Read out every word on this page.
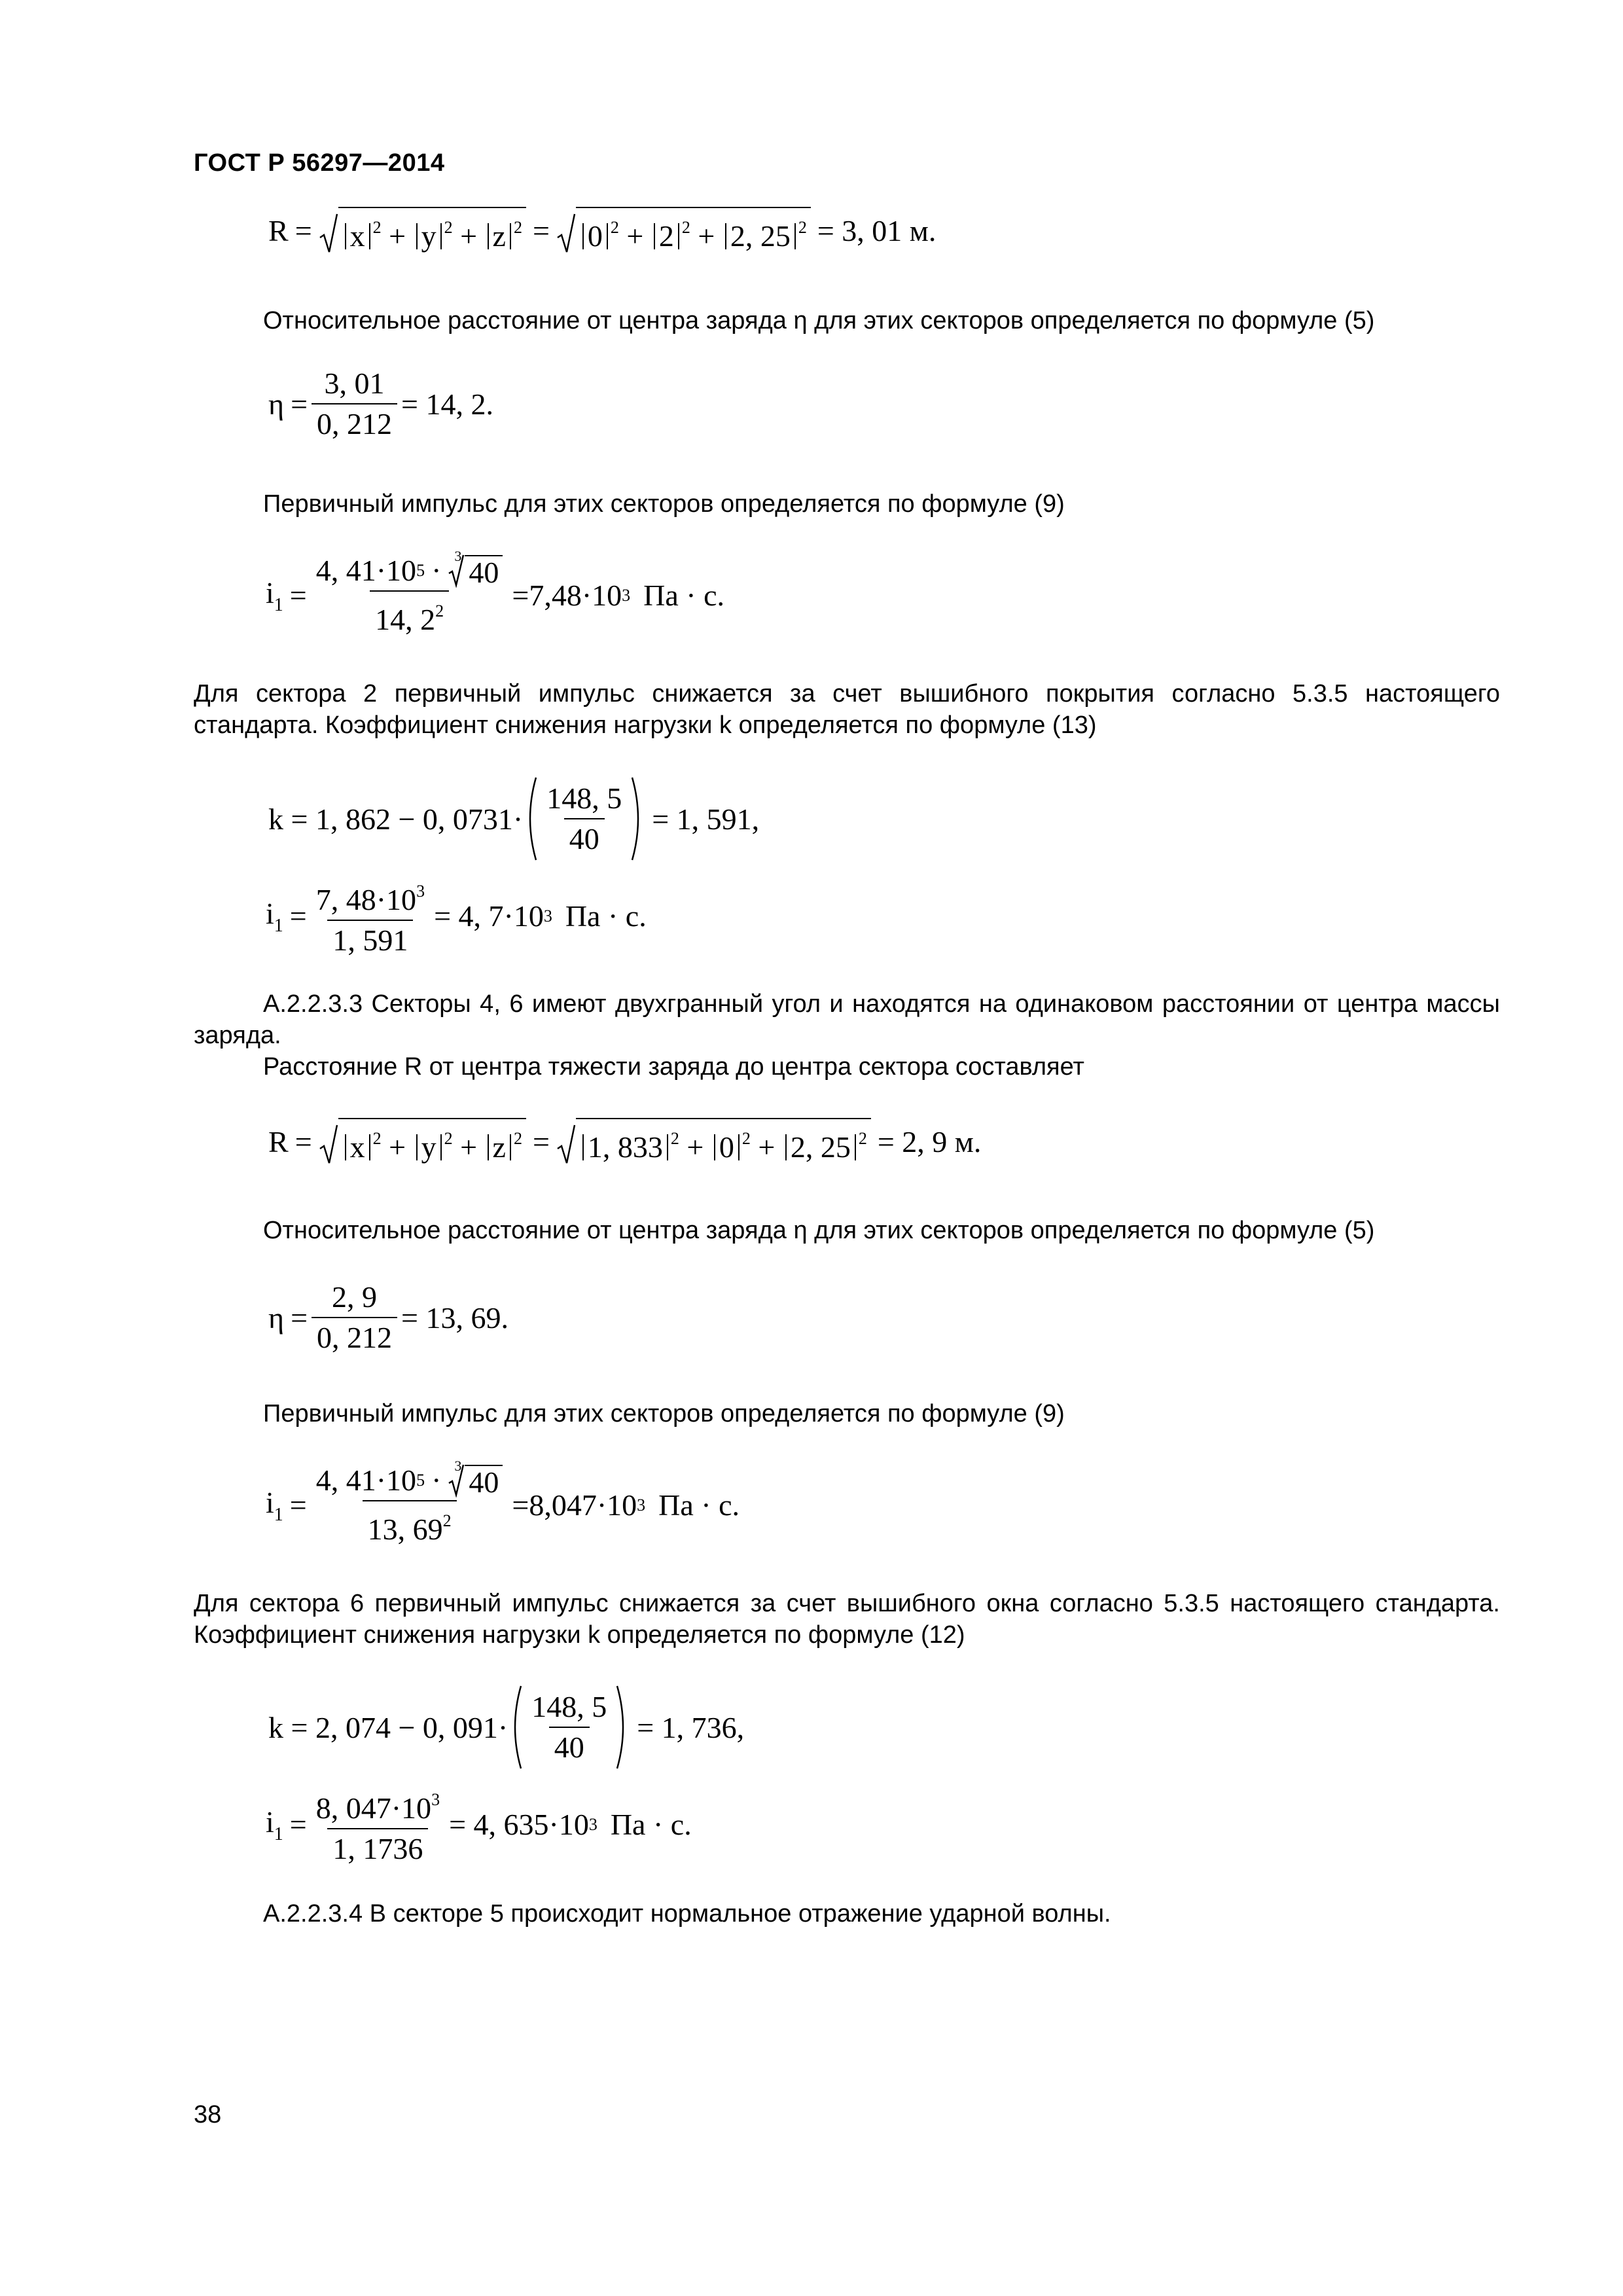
ГОСТ Р 56297—2014
R =	x $^2$ + y $^2$ + z $^2$ =	0 $^2$ + 2 $^2$ + 2, 25 $^2$ = 3, 01 м.
Относительное расстояние от центра заряда η для этих секторов определяется по формуле (5)
$\eta = \frac{3, 01}{0, 212} = 14$, 2.
Первичный импульс для этих секторов определяется по формуле (9)
$i_1 = \frac{4, 41\cdot 10 5 \cdot 3 40}{14, 2^2} =7,48\cdot 10$ 3 Па · с.
Для сектора 2 первичный импульс снижается за счет вышибного покрытия согласно 5.3.5 настоящего стандарта. Коэффициент снижения нагрузки k определяется по формуле (13)
k = 1, 862 − 0, $0731\cdot \frac{148, 5}{40} = 1$, 591,
$i_1 = \frac{7, 48\cdot 10^3}{1, 591} = 4$, 7·10 3 Па · с.
А.2.2.3.3 Секторы 4, 6 имеют двухгранный угол и находятся на одинаковом расстоянии от центра массы заряда.
Расстояние R от центра тяжести заряда до центра сектора составляет
R =	x $^2$ + y $^2$ + z $^2$ =	1, 833 $^2$ + 0 $^2$ + 2, 25 $^2$ = 2, 9 м.
Относительное расстояние от центра заряда η для этих секторов определяется по формуле (5)
$\eta = \frac{2, 9}{0, 212} = 13$, 69.
Первичный импульс для этих секторов определяется по формуле (9)
$i_1 = \frac{4, 41\cdot 10 5 \cdot 3 40}{13, 69^2} =8,047\cdot 10$ 3 Па · с.
Для сектора 6 первичный импульс снижается за счет вышибного окна согласно 5.3.5 настоящего стандарта. Коэффициент снижения нагрузки k определяется по формуле (12)
k = 2, 074 − 0, $091\cdot \frac{148, 5}{40} = 1$, 736,
$i_1 = \frac{8, 047\cdot 10^3}{1, 1736} = 4$, 635·10 3 Па · с.
А.2.2.3.4 В секторе 5 происходит нормальное отражение ударной волны.
38
